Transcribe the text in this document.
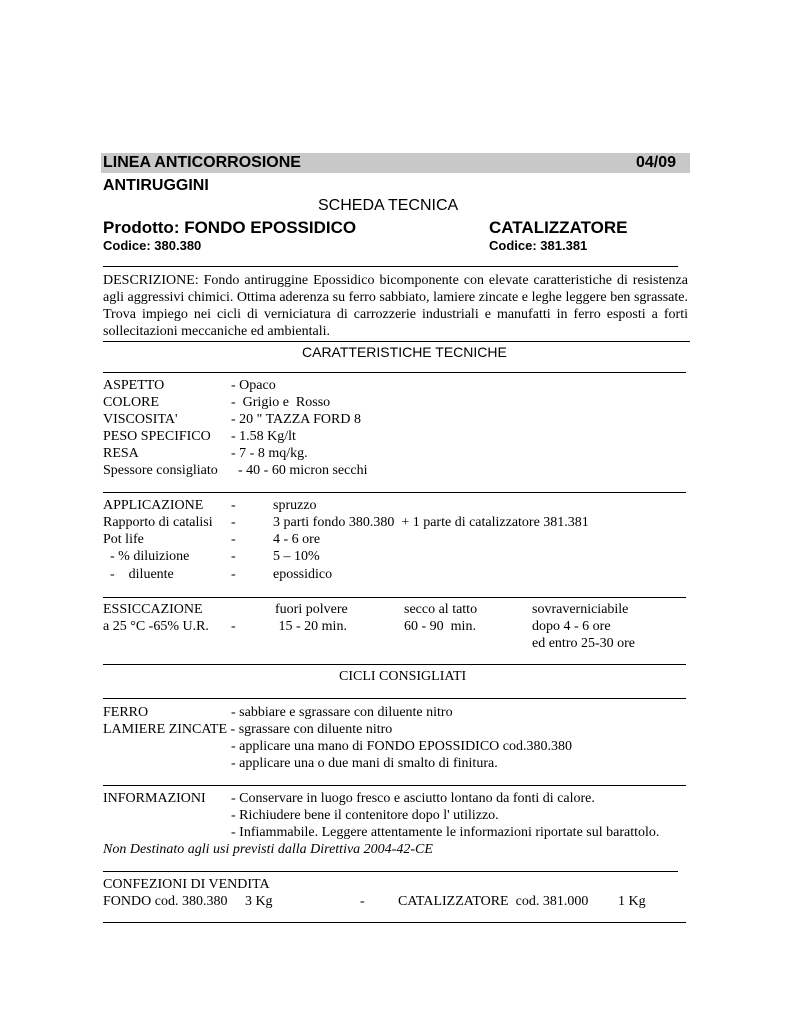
LINEA ANTICORROSIONE	04/09
ANTIRUGGINI
SCHEDA TECNICA
Prodotto: FONDO EPOSSIDICO	CATALIZZATORE
Codice: 380.380	Codice: 381.381
DESCRIZIONE: Fondo antiruggine Epossidico bicomponente con elevate caratteristiche di resistenza agli aggressivi chimici. Ottima aderenza su ferro sabbiato, lamiere zincate e leghe leggere ben sgrassate. Trova impiego nei cicli di verniciatura di carrozzerie industriali e manufatti in ferro esposti a forti sollecitazioni meccaniche ed ambientali.
CARATTERISTICHE TECNICHE
ASPETTO	- Opaco
COLORE	-  Grigio e  Rosso
VISCOSITA'	- 20 " TAZZA FORD 8
PESO SPECIFICO - 1.58 Kg/lt
RESA	- 7 - 8 mq/kg.
Spessore consigliato - 40 - 60 micron secchi
APPLICAZIONE -	spruzzo
Rapporto di catalisi -	3 parti fondo 380.380  + 1 parte di catalizzatore 381.381
Pot life	-	4 - 6 ore
- % diluizione	-	5 – 10%
-    diluente	-	epossidico
ESSICCAZIONE	fuori polvere	secco al tatto	sovraverniciabile
a 25 °C -65% U.R. -	15 - 20 min.	60 - 90  min.	dopo 4 - 6 ore
ed entro 25-30 ore
CICLI CONSIGLIATI
FERRO	- sabbiare e sgrassare con diluente nitro
LAMIERE ZINCATE - sgrassare con diluente nitro
- applicare una mano di FONDO EPOSSIDICO cod.380.380
- applicare una o due mani di smalto di finitura.
INFORMAZIONI - Conservare in luogo fresco e asciutto lontano da fonti di calore.
- Richiudere bene il contenitore dopo l' utilizzo.
- Infiammabile. Leggere attentamente le informazioni riportate sul barattolo.
Non Destinato agli usi previsti dalla Direttiva 2004-42-CE
CONFEZIONI DI VENDITA
FONDO cod. 380.380     3 Kg	- CATALIZZATORE  cod. 381.000 1 Kg
